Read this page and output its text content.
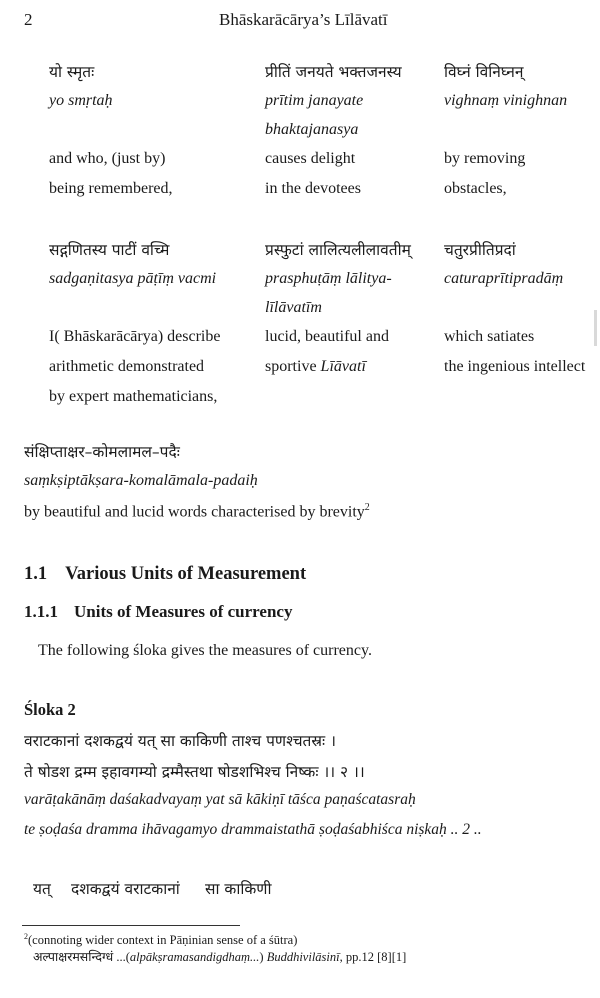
2	Bhāskarācārya’s Līlāvatī
यो स्मृतः
yo smṛtaḥ
and who, (just by)
being remembered,
प्रीतिं जनयते भक्तजनस्य
prītim janayate
bhaktajanasya
causes delight
in the devotees
विघ्नं विनिघ्नन्
vighnaṃ vinighnan
by removing
obstacles,
सद्गणितस्य पाटीं वच्मि
sadgaṇitasya pāṭīṃ vacmi
I( Bhāskarācārya) describe
arithmetic demonstrated
by expert mathematicians,
प्रस्फुटां लालित्यलीलावतीम्
prasphuṭāṃ lālitya-
līlāvatīm
lucid, beautiful and
sportive Līāvatī
चतुरप्रीतिप्रदां
caturaprītipradāṃ
which satiates
the ingenious intellect
संक्षिप्ताक्षर–कोमलामल–पदैः
saṃkṣiptākṣara-komalāmala-padaiḥ
by beautiful and lucid words characterised by brevity$^2$
1.1 Various Units of Measurement
1.1.1 Units of Measures of currency
The following śloka gives the measures of currency.
Śloka 2
वराटकानां दशकद्वयं यत् सा काकिणी ताश्च पणश्चतस्रः ।
ते षोडश द्रम्म इहावगम्यो द्रम्मैस्तथा षोडशभिश्च निष्कः ।। २ ।।
varāṭakānāṃ daśakadvayaṃ yat sā kākiṇī tāśca paṇaścatasraḥ
te ṣoḍaśa dramma ihāvagamyo drammaistathā ṣoḍaśabhiśca niṣkaḥ .. 2 ..
यत् दशकद्वयं वराटकानां सा काकिणी
$^2$(connoting wider context in Pāṇinian sense of a śūtra)
अल्पाक्षरमसन्दिग्धं ...(alpākṣramasandigdhaṃ...) Buddhivilāsinī, pp.12 [8][1]
